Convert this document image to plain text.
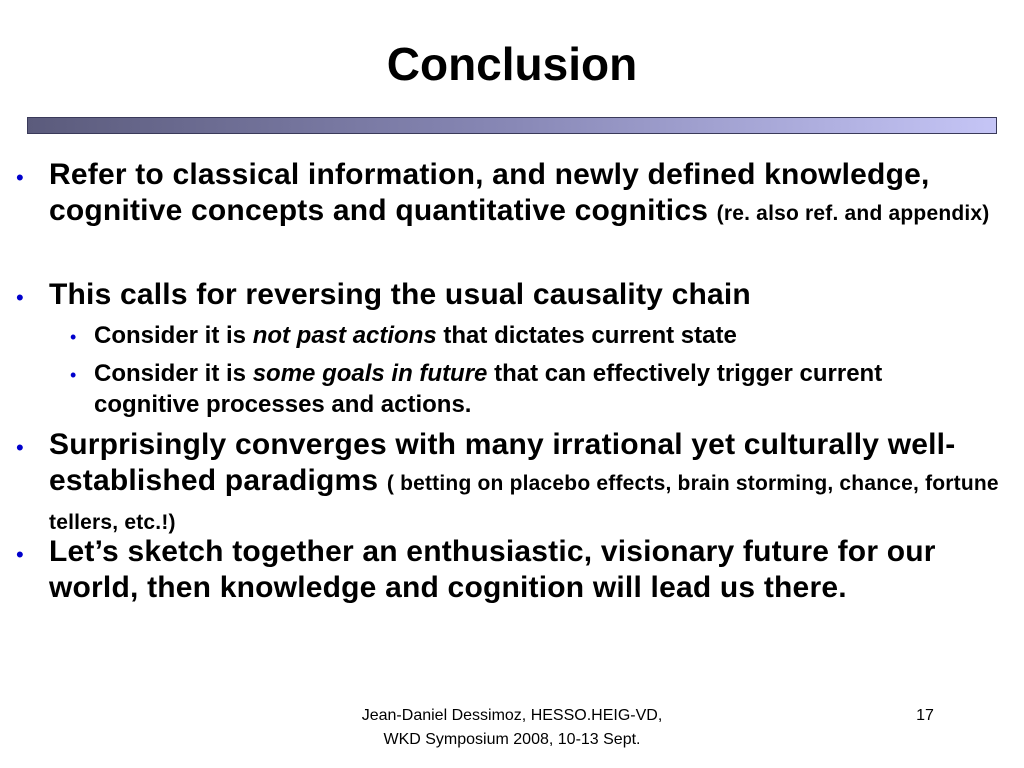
Conclusion
• Refer to classical information, and newly defined knowledge, cognitive concepts and quantitative cognitics (re. also ref. and appendix)
• This calls for reversing the usual causality chain
• Consider it is not past actions that dictates current state
• Consider it is some goals in future that can effectively trigger current cognitive processes and actions.
• Surprisingly converges with many irrational yet culturally well-established paradigms ( betting on placebo effects, brain storming, chance, fortune tellers, etc.!)
• Let’s sketch together an enthusiastic, visionary future for our world, then knowledge and cognition will lead us there.
Jean-Daniel Dessimoz, HESSO.HEIG-VD,
WKD Symposium 2008, 10-13 Sept.
17
